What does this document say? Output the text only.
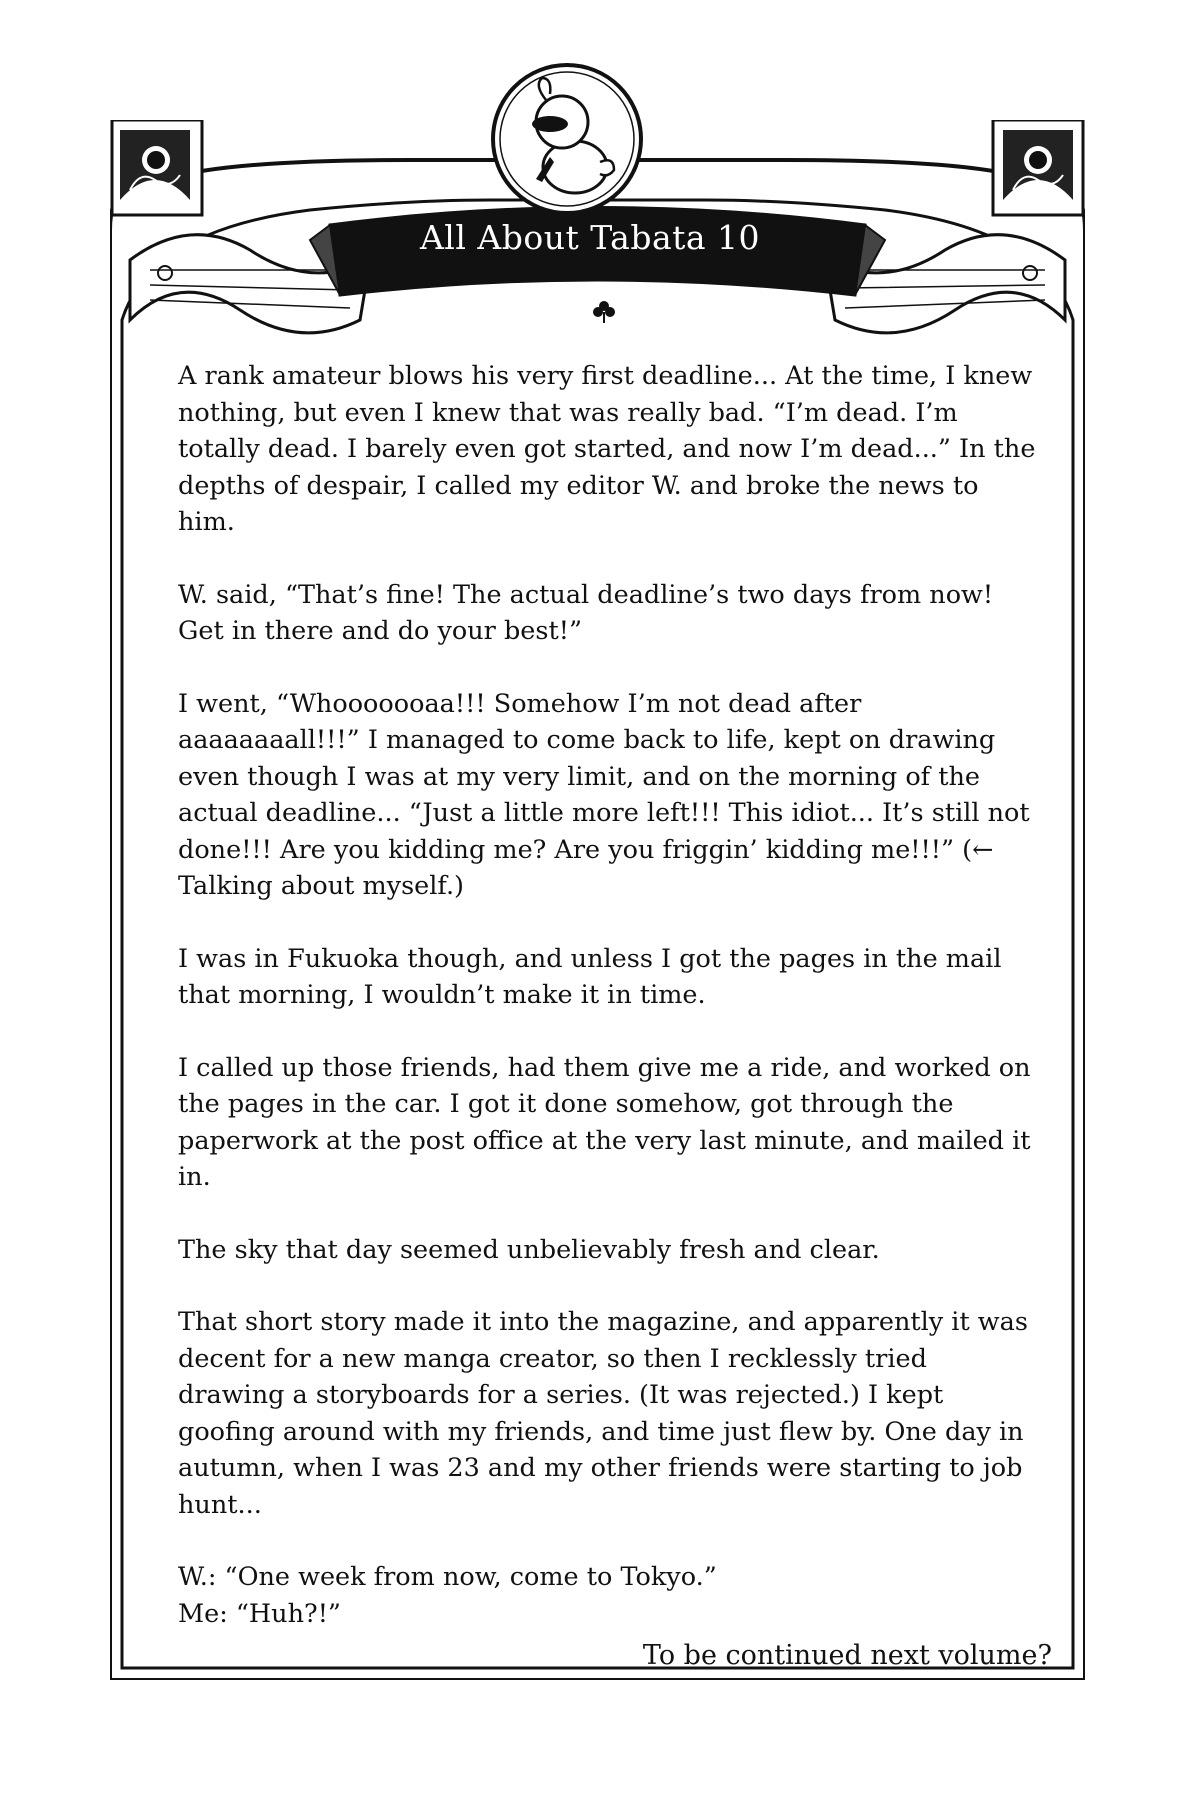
All About Tabata 10

A rank amateur blows his very first deadline... At the time, I knew nothing, but even I knew that was really bad. “I’m dead. I’m totally dead. I barely even got started, and now I’m dead...” In the depths of despair, I called my editor W. and broke the news to him.

W. said, “That’s fine! The actual deadline’s two days from now! Get in there and do your best!”

I went, “Whooooooaa!!! Somehow I’m not dead after aaaaaaaall!!!” I managed to come back to life, kept on drawing even though I was at my very limit, and on the morning of the actual deadline... “Just a little more left!!! This idiot... It’s still not done!!! Are you kidding me? Are you friggin’ kidding me!!!” (← Talking about myself.)

I was in Fukuoka though, and unless I got the pages in the mail that morning, I wouldn’t make it in time.

I called up those friends, had them give me a ride, and worked on the pages in the car. I got it done somehow, got through the paperwork at the post office at the very last minute, and mailed it in.

The sky that day seemed unbelievably fresh and clear.

That short story made it into the magazine, and apparently it was decent for a new manga creator, so then I recklessly tried drawing a storyboards for a series. (It was rejected.) I kept goofing around with my friends, and time just flew by. One day in autumn, when I was 23 and my other friends were starting to job hunt...

W.: “One week from now, come to Tokyo.”

Me: “Huh?!”

To be continued next volume?
